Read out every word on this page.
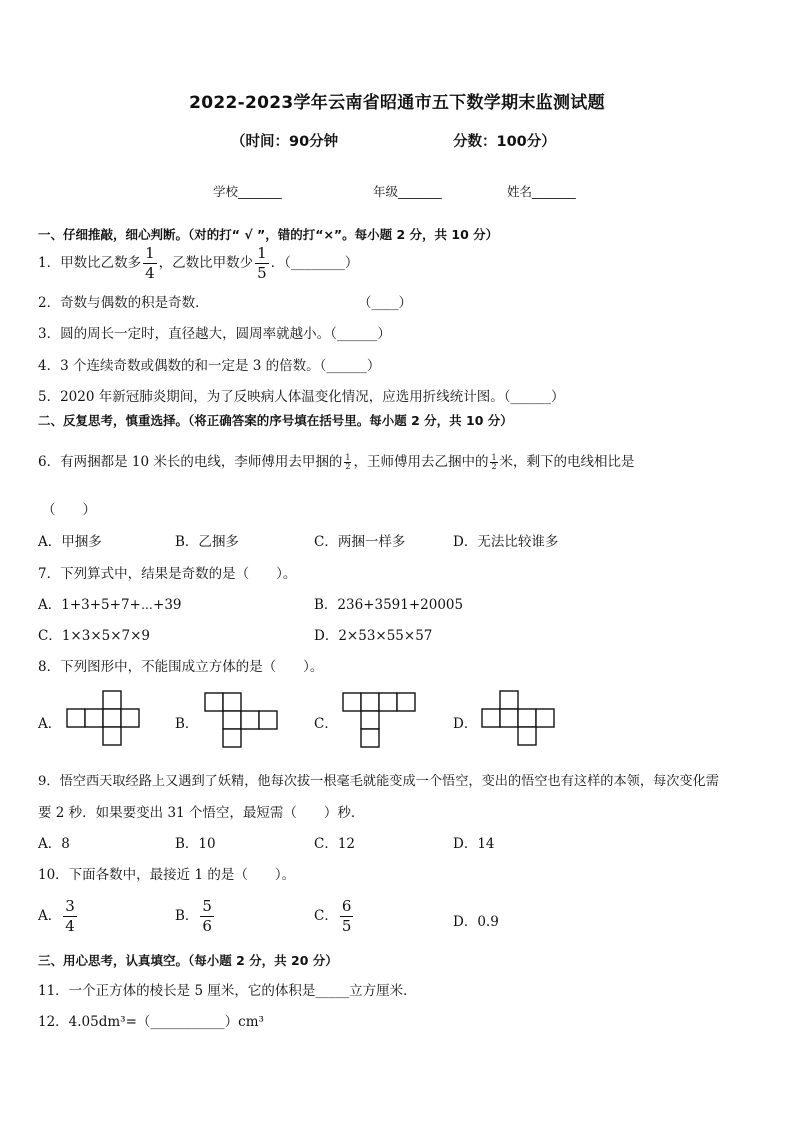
2022-2023学年云南省昭通市五下数学期末监测试题
（时间：90分钟	分数：100分）
学校_______	年级_______	姓名_______
一、仔细推敲，细心判断。（对的打“ √ ”，错的打“×”。每小题 2 分，共 10 分）
1．甲数比乙数多 $\frac{1}{4}$ ，乙数比甲数少 $\frac{1}{5}$ ．（________）
2．奇数与偶数的积是奇数．	（____）
3．圆的周长一定时，直径越大，圆周率就越小。（______）
4．3 个连续奇数或偶数的和一定是 3 的倍数。（______）
5．2020 年新冠肺炎期间，为了反映病人体温变化情况，应选用折线统计图。（______）
二、反复思考，慎重选择。（将正确答案的序号填在括号里。每小题 2 分，共 10 分）
6．有两捆都是 10 米长的电线，李师傅用去甲捆的 $\frac{1}{2}$ ，王师傅用去乙捆中的 $\frac{1}{2}$ 米，剩下的电线相比是
（　　）
A．甲捆多	B．乙捆多	C．两捆一样多	D．无法比较谁多
7．下列算式中，结果是奇数的是（　　）。
A．1+3+5+7+⋯+39	B．236+3591+20005
C．1×3×5×7×9	D．2×53×55×57
8．下列图形中，不能围成立方体的是（　　）。
A．	B．	C．	D．
9．悟空西天取经路上又遇到了妖精，他每次拔一根毫毛就能变成一个悟空，变出的悟空也有这样的本领，每次变化需
要 2 秒．如果要变出 31 个悟空，最短需（　　）秒．
A．8	B．10	C．12	D．14
10．下面各数中，最接近 1 的是（　　）。
A． $\frac{3}{4}$	B． $\frac{5}{6}$	C． $\frac{6}{5}$	D．0.9
三、用心思考，认真填空。（每小题 2 分，共 20 分）
11．一个正方体的棱长是 5 厘米，它的体积是_____立方厘米．
12．4.05dm³=（___________）cm³
